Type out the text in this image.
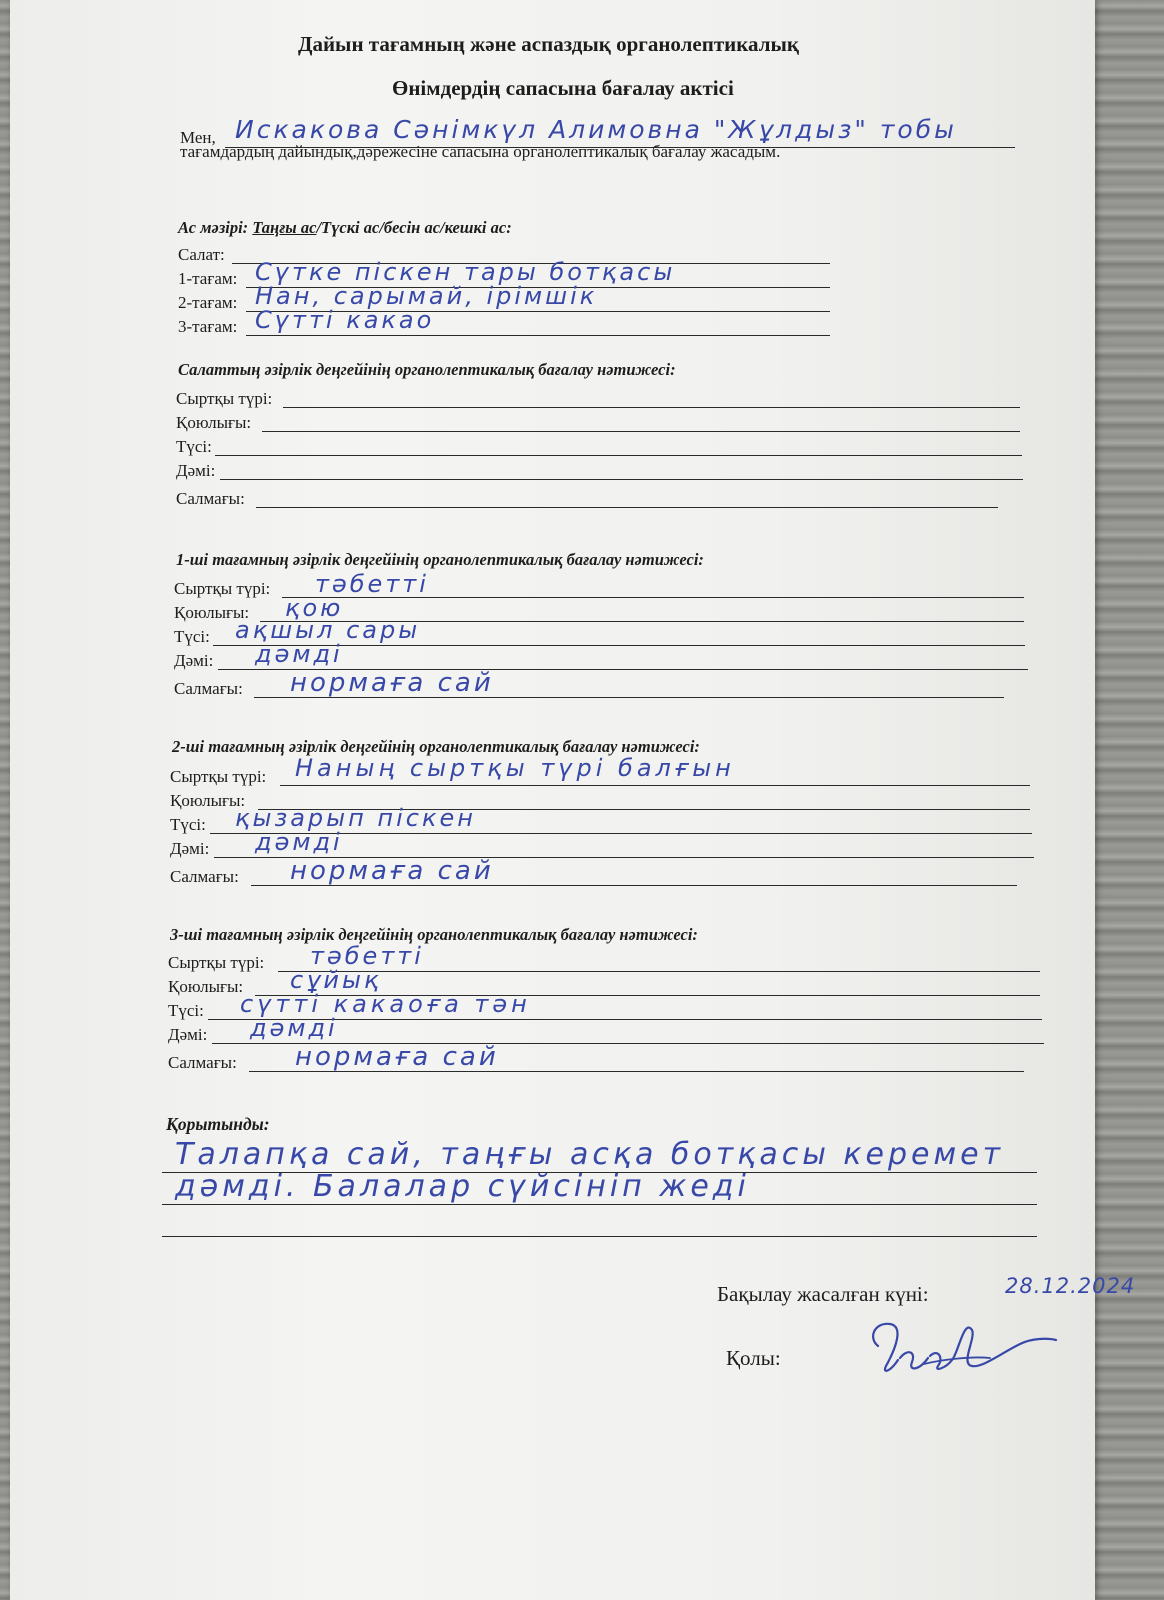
Дайын тағамның және аспаздық органолептикалық
Өнімдердің сапасына бағалау актісі
Мен, Искакова Сәнімкүл Алимовна "Жұлдыз" тобы
тағамдардың дайындық,дәрежесіне сапасына органолептикалық бағалау жасадым.
Ас мәзірі: Таңғы ас/Түскі ас/бесін ас/кешкі ас:
Салат:
1-тағам: Сүтке піскен тары ботқасы
2-тағам: Нан, сарымай, ірімшік
3-тағам: Сүтті какао
Салаттың әзірлік деңгейінің органолептикалық бағалау нәтижесі:
Сыртқы түрі:
Қоюлығы:
Түсі:
Дәмі:
Салмағы:
1-ші тағамның әзірлік деңгейінің органолептикалық бағалау нәтижесі:
Сыртқы түрі: тәбетті
Қоюлығы: қою
Түсі: ақшыл сары
Дәмі: дәмді
Салмағы: нормаға сай
2-ші тағамның әзірлік деңгейінің органолептикалық бағалау нәтижесі:
Сыртқы түрі: Наның сыртқы түрі балғын
Қоюлығы:
Түсі: қызарып піскен
Дәмі: дәмді
Салмағы: нормаға сай
3-ші тағамның әзірлік деңгейінің органолептикалық бағалау нәтижесі:
Сыртқы түрі: тәбетті
Қоюлығы: сұйық
Түсі: сүтті какаоға тән
Дәмі: дәмді
Салмағы: нормаға сай
Қорытынды:
Талапқа сай, таңғы асқа ботқасы керемет
дәмді. Балалар сүйсініп жеді
Бақылау жасалған күні:	28.12.2024
Қолы:
